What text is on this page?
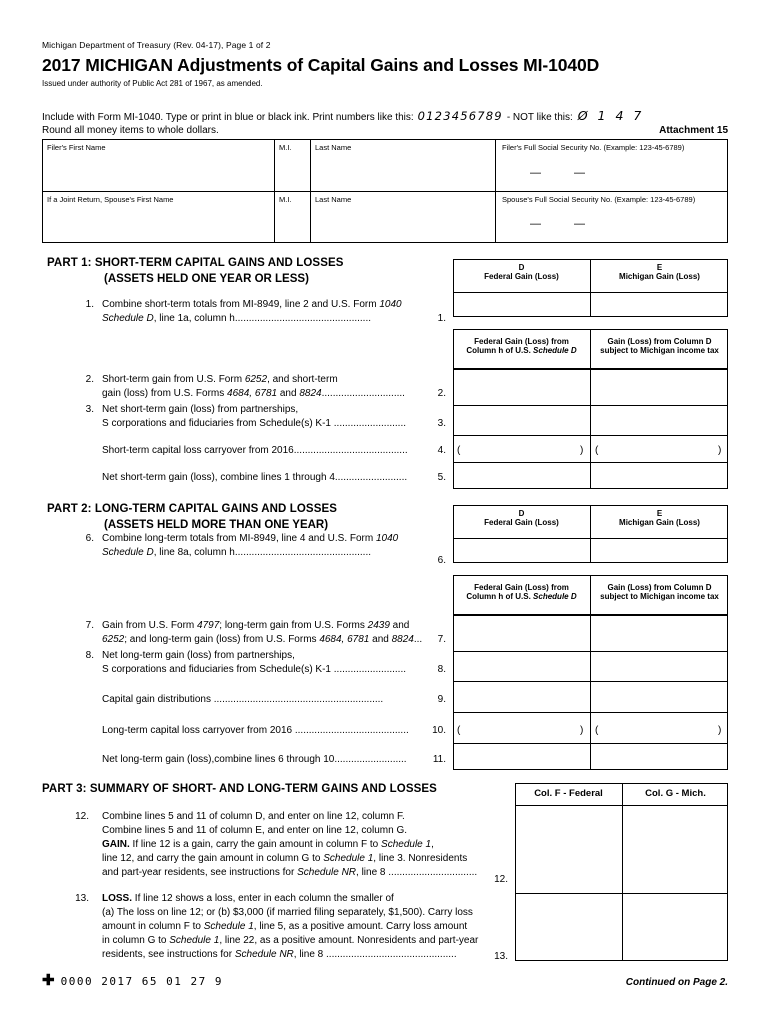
Michigan Department of Treasury (Rev. 04-17), Page 1 of 2
2017 MICHIGAN Adjustments of Capital Gains and Losses MI-1040D
Issued under authority of Public Act 281 of 1967, as amended.
Include with Form MI-1040. Type or print in blue or black ink. Print numbers like this: 0123456789 - NOT like this: Ø 1 4 7
Round all money items to whole dollars.	Attachment 15
Filer's First Name	M.I.	Last Name
If a Joint Return, Spouse's First Name	M.I.	Last Name
Filer's Full Social Security No. (Example: 123-45-6789)
—	—
Spouse's Full Social Security No. (Example: 123-45-6789)
—	—
PART 1: SHORT-TERM CAPITAL GAINS AND LOSSES
(ASSETS HELD ONE YEAR OR LESS)
D
Federal Gain (Loss)
E
Michigan Gain (Loss)
Combine short-term totals from MI-8949, line 2 and U.S. Form 1040
1.
Schedule D, line 1a, column h.................................................	1.
Federal Gain (Loss) from
Column h of U.S. Schedule D
Gain (Loss) from Column D
subject to Michigan income tax
2. Short-term gain from U.S. Form 6252, and short-term
gain (loss) from U.S. Forms 4684, 6781 and 8824..............................	2.
3. Net short-term gain (loss) from partnerships,
S corporations and fiduciaries from Schedule(s) K-1 ..........................	3.
Short-term capital loss carryover from 2016.........................................	4. (	) (	)
Net short-term gain (loss), combine lines 1 through 4..........................	5.
PART 2: LONG-TERM CAPITAL GAINS AND LOSSES
(ASSETS HELD MORE THAN ONE YEAR)
D
Federal Gain (Loss)
E
Michigan Gain (Loss)
6. Combine long-term totals from MI-8949, line 4 and U.S. Form 1040
Schedule D, line 8a, column h.................................................
6.
Federal Gain (Loss) from
Column h of U.S. Schedule D
Gain (Loss) from Column D
subject to Michigan income tax
7. Gain from U.S. Form 4797; long-term gain from U.S. Forms 2439 and
6252; and long-term gain (loss) from U.S. Forms 4684, 6781 and 8824...	7.
8. Net long-term gain (loss) from partnerships,
S corporations and fiduciaries from Schedule(s) K-1 ..........................	8.
Capital gain distributions .............................................................	9.
Long-term capital loss carryover from 2016 .........................................	10. (	) (	)
Net long-term gain (loss),combine lines 6 through 10..........................	11.
PART 3: SUMMARY OF SHORT- AND LONG-TERM GAINS AND LOSSES	Col. F - Federal	Col. G - Mich.
12. Combine lines 5 and 11 of column D, and enter on line 12, column F.
Combine lines 5 and 11 of column E, and enter on line 12, column G.
GAIN. If line 12 is a gain, carry the gain amount in column F to Schedule 1,
line 12, and carry the gain amount in column G to Schedule 1, line 3. Nonresidents
and part-year residents, see instructions for Schedule NR, line 8 ................................
12.
13. LOSS. If line 12 shows a loss, enter in each column the smaller of
(a) The loss on line 12; or (b) $3,000 (if married filing separately, $1,500). Carry loss
amount in column F to Schedule 1, line 5, as a positive amount. Carry loss amount
in column G to Schedule 1, line 22, as a positive amount. Nonresidents and part-year
residents, see instructions for Schedule NR, line 8 ...............................................	13.
✚ 0000 2017 65 01 27 9	Continued on Page 2.
